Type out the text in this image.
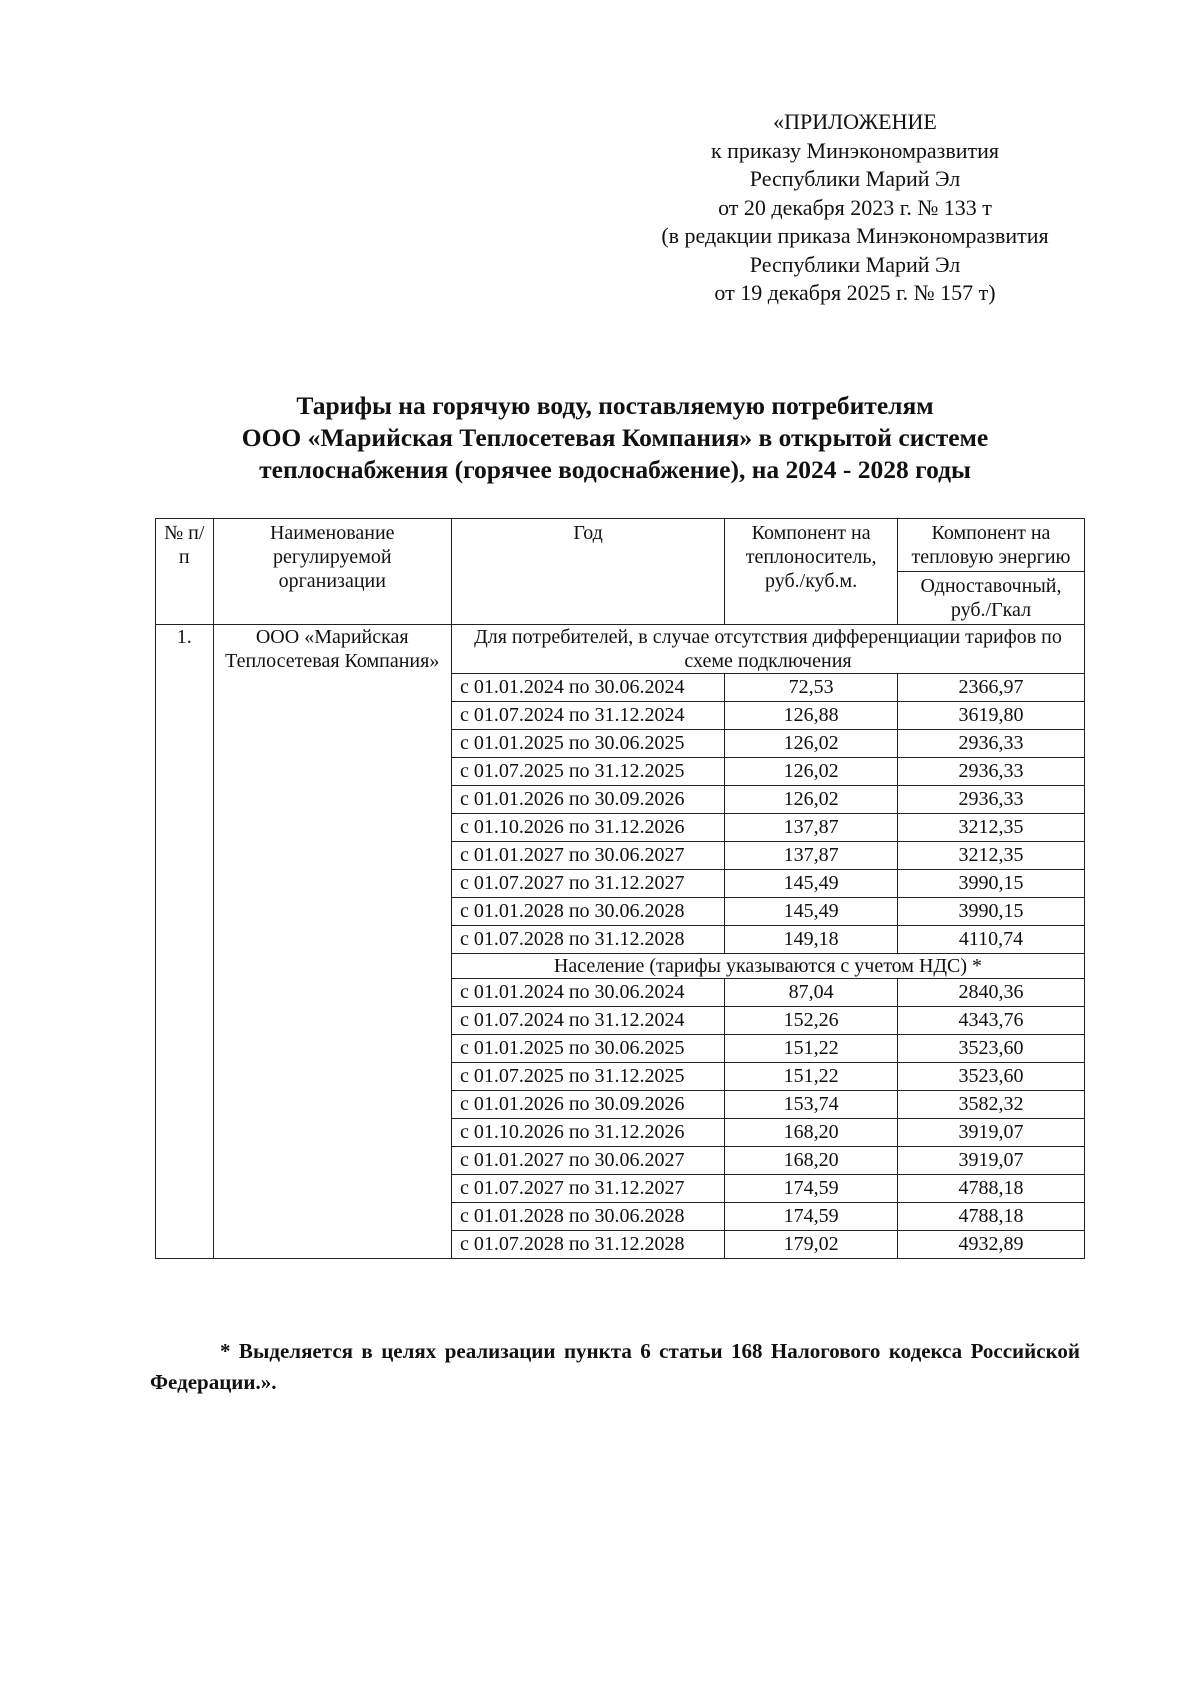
«ПРИЛОЖЕНИЕ
к приказу Минэкономразвития
Республики Марий Эл
от 20 декабря 2023 г. № 133 т
(в редакции приказа Минэкономразвития
Республики Марий Эл
от 19 декабря 2025 г. № 157 т)
Тарифы на горячую воду, поставляемую потребителям
ООО «Марийская Теплосетевая Компания» в открытой системе
теплоснабжения (горячее водоснабжение), на 2024 - 2028 годы
№ п/п	Наименование регулируемой организации	Год	Компонент на теплоноситель, руб./куб.м.	Компонент на тепловую энергию
				Одноставочный, руб./Гкал
1.	ООО «Марийская Теплосетевая Компания»	Для потребителей, в случае отсутствия дифференциации тарифов по схеме подключения		
		с 01.01.2024 по 30.06.2024	72,53	2366,97
		с 01.07.2024 по 31.12.2024	126,88	3619,80
		с 01.01.2025 по 30.06.2025	126,02	2936,33
		с 01.07.2025 по 31.12.2025	126,02	2936,33
		с 01.01.2026 по 30.09.2026	126,02	2936,33
		с 01.10.2026 по 31.12.2026	137,87	3212,35
		с 01.01.2027 по 30.06.2027	137,87	3212,35
		с 01.07.2027 по 31.12.2027	145,49	3990,15
		с 01.01.2028 по 30.06.2028	145,49	3990,15
		с 01.07.2028 по 31.12.2028	149,18	4110,74
		Население (тарифы указываются с учетом НДС) *		
		с 01.01.2024 по 30.06.2024	87,04	2840,36
		с 01.07.2024 по 31.12.2024	152,26	4343,76
		с 01.01.2025 по 30.06.2025	151,22	3523,60
		с 01.07.2025 по 31.12.2025	151,22	3523,60
		с 01.01.2026 по 30.09.2026	153,74	3582,32
		с 01.10.2026 по 31.12.2026	168,20	3919,07
		с 01.01.2027 по 30.06.2027	168,20	3919,07
		с 01.07.2027 по 31.12.2027	174,59	4788,18
		с 01.01.2028 по 30.06.2028	174,59	4788,18
		с 01.07.2028 по 31.12.2028	179,02	4932,89
* Выделяется в целях реализации пункта 6 статьи 168 Налогового кодекса Российской Федерации.».
